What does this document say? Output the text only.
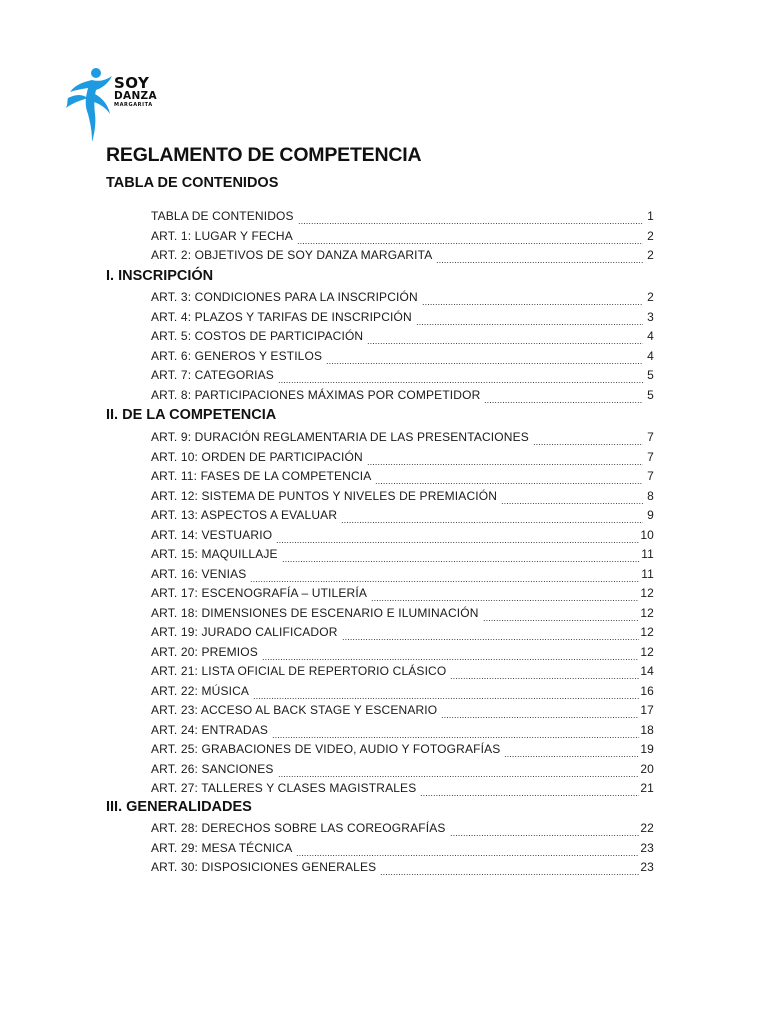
SOY
DANZA
MARGARITA
REGLAMENTO DE COMPETENCIA
TABLA DE CONTENIDOS
TABLA DE CONTENIDOS	1
ART. 1: LUGAR Y FECHA	2
ART. 2: OBJETIVOS DE SOY DANZA MARGARITA	2
I. INSCRIPCIÓN
ART. 3: CONDICIONES PARA LA INSCRIPCIÓN	2
ART. 4: PLAZOS Y TARIFAS DE INSCRIPCIÓN	3
ART. 5: COSTOS DE PARTICIPACIÓN	4
ART. 6: GENEROS Y ESTILOS	4
ART. 7: CATEGORIAS	5
ART. 8: PARTICIPACIONES MÁXIMAS POR COMPETIDOR	5
II. DE LA COMPETENCIA
ART. 9: DURACIÓN REGLAMENTARIA DE LAS PRESENTACIONES	7
ART. 10: ORDEN DE PARTICIPACIÓN	7
ART. 11: FASES DE LA COMPETENCIA	7
ART. 12: SISTEMA DE PUNTOS Y NIVELES DE PREMIACIÓN	8
ART. 13: ASPECTOS A EVALUAR	9
ART. 14: VESTUARIO	10
ART. 15: MAQUILLAJE	11
ART. 16: VENIAS	11
ART. 17: ESCENOGRAFÍA – UTILERÍA	12
ART. 18: DIMENSIONES DE ESCENARIO E ILUMINACIÓN	12
ART. 19: JURADO CALIFICADOR	12
ART. 20: PREMIOS	12
ART. 21: LISTA OFICIAL DE REPERTORIO CLÁSICO	14
ART. 22: MÚSICA	16
ART. 23: ACCESO AL BACK STAGE Y ESCENARIO	17
ART. 24: ENTRADAS	18
ART. 25: GRABACIONES DE VIDEO, AUDIO Y FOTOGRAFÍAS	19
ART. 26: SANCIONES	20
ART. 27: TALLERES Y CLASES MAGISTRALES	21
III. GENERALIDADES
ART. 28: DERECHOS SOBRE LAS COREOGRAFÍAS	22
ART. 29: MESA TÉCNICA	23
ART. 30: DISPOSICIONES GENERALES	23
